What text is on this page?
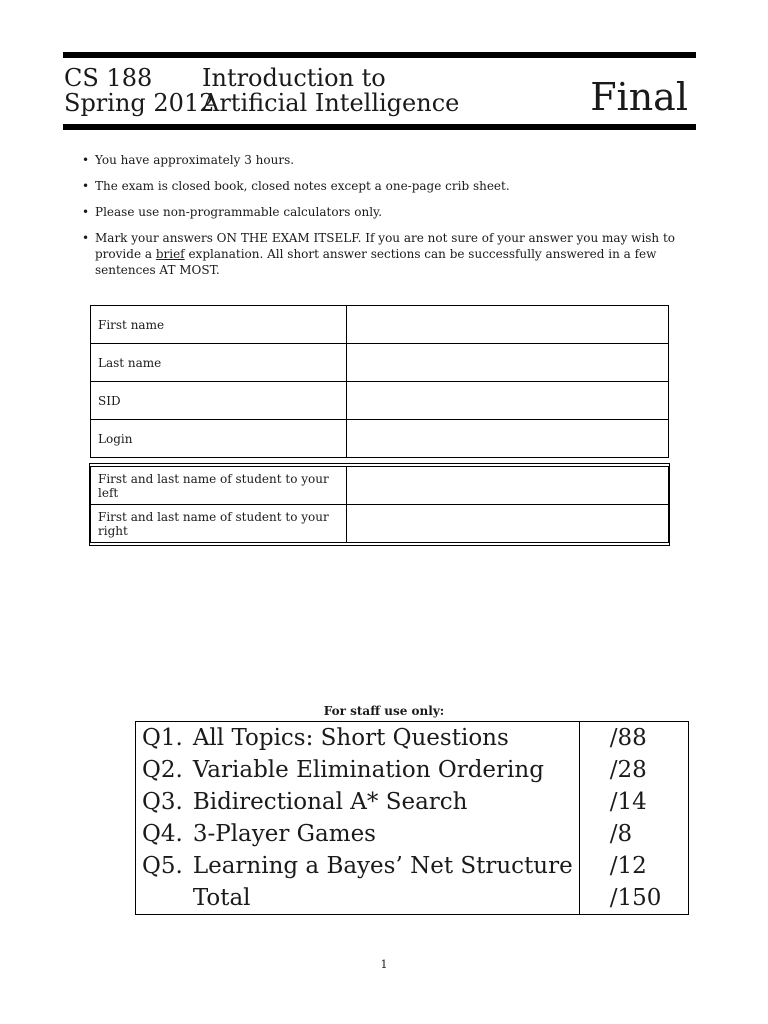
CS 188
Spring 2012
Introduction to
Artificial Intelligence	Final
• You have approximately 3 hours.
• The exam is closed book, closed notes except a one-page crib sheet.
• Please use non-programmable calculators only.
• Mark your answers ON THE EXAM ITSELF. If you are not sure of your answer you may wish to provide a brief explanation. All short answer sections can be successfully answered in a few sentences AT MOST.
First name	
Last name	
SID	
Login	
First and last name of student to your left	
First and last name of student to your right	
For staff use only:
Q1.	All Topics: Short Questions	/88
Q2.	Variable Elimination Ordering	/28
Q3.	Bidirectional A* Search	/14
Q4.	3-Player Games	/8
Q5.	Learning a Bayes’ Net Structure	/12
	Total	/150
1
